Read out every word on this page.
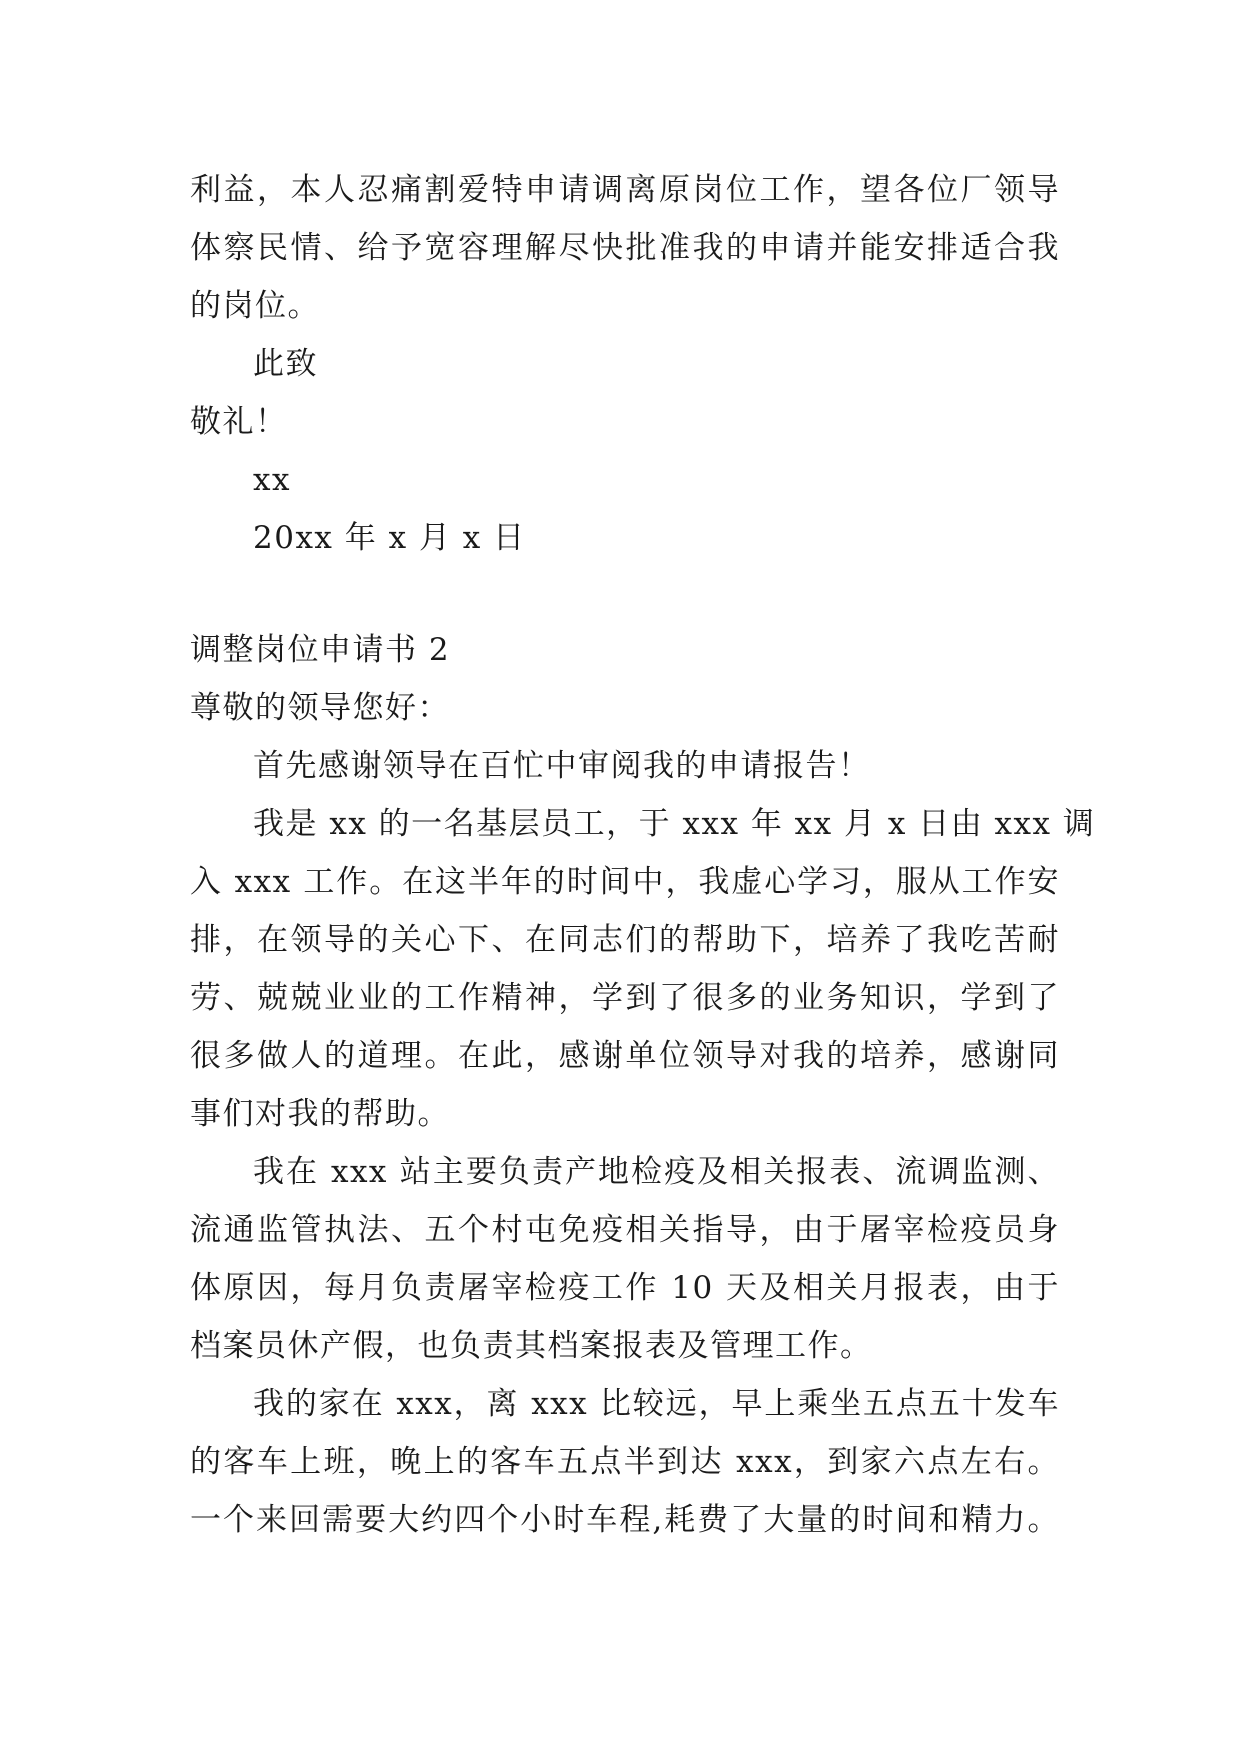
利益，本人忍痛割爱特申请调离原岗位工作，望各位厂领导
体察民情、给予宽容理解尽快批准我的申请并能安排适合我
的岗位。
此致
敬礼！
xx
20xx 年 x 月 x 日
调整岗位申请书 2
尊敬的领导您好：
首先感谢领导在百忙中审阅我的申请报告！
我是 xx 的一名基层员工，于 xxx 年 xx 月 x 日由 xxx 调
入 xxx 工作。在这半年的时间中，我虚心学习，服从工作安
排，在领导的关心下、在同志们的帮助下，培养了我吃苦耐
劳、兢兢业业的工作精神，学到了很多的业务知识，学到了
很多做人的道理。在此，感谢单位领导对我的培养，感谢同
事们对我的帮助。
我在 xxx 站主要负责产地检疫及相关报表、流调监测、
流通监管执法、五个村屯免疫相关指导，由于屠宰检疫员身
体原因，每月负责屠宰检疫工作 10 天及相关月报表，由于
档案员休产假，也负责其档案报表及管理工作。
我的家在 xxx，离 xxx 比较远，早上乘坐五点五十发车
的客车上班，晚上的客车五点半到达 xxx，到家六点左右。
一个来回需要大约四个小时车程,耗费了大量的时间和精力。
